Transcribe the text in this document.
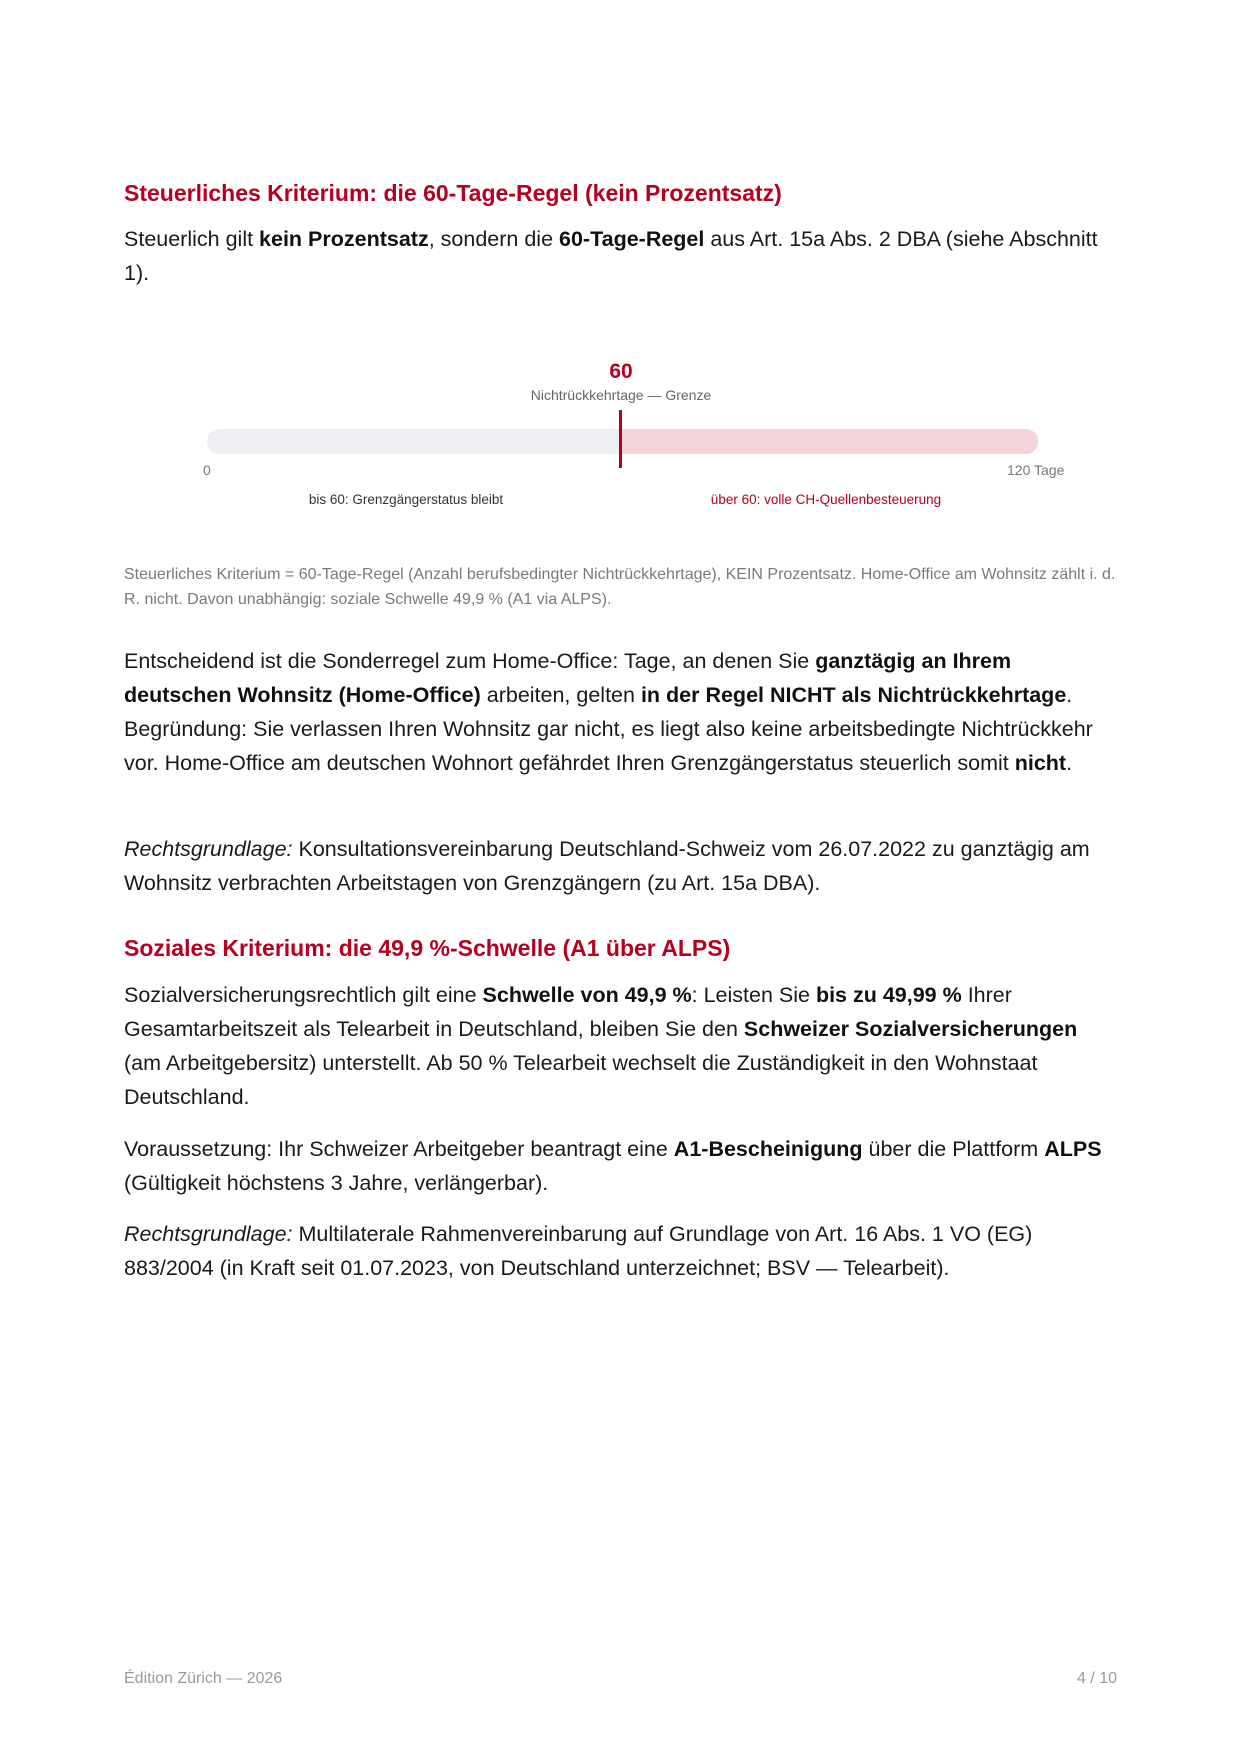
Steuerliches Kriterium: die 60-Tage-Regel (kein Prozentsatz)

Steuerlich gilt kein Prozentsatz, sondern die 60-Tage-Regel aus Art. 15a Abs. 2 DBA (siehe Abschnitt 1).

60
Nichtrückkehrtage — Grenze
0	120 Tage
bis 60: Grenzgängerstatus bleibt	über 60: volle CH-Quellenbesteuerung

Steuerliches Kriterium = 60-Tage-Regel (Anzahl berufsbedingter Nichtrückkehrtage), KEIN Prozentsatz. Home-Office am Wohnsitz zählt i. d. R. nicht. Davon unabhängig: soziale Schwelle 49,9 % (A1 via ALPS).

Entscheidend ist die Sonderregel zum Home-Office: Tage, an denen Sie ganztägig an Ihrem deutschen Wohnsitz (Home-Office) arbeiten, gelten in der Regel NICHT als Nichtrückkehrtage. Begründung: Sie verlassen Ihren Wohnsitz gar nicht, es liegt also keine arbeitsbedingte Nichtrückkehr vor. Home-Office am deutschen Wohnort gefährdet Ihren Grenzgängerstatus steuerlich somit nicht.

Rechtsgrundlage: Konsultationsvereinbarung Deutschland-Schweiz vom 26.07.2022 zu ganztägig am Wohnsitz verbrachten Arbeitstagen von Grenzgängern (zu Art. 15a DBA).

Soziales Kriterium: die 49,9 %-Schwelle (A1 über ALPS)

Sozialversicherungsrechtlich gilt eine Schwelle von 49,9 %: Leisten Sie bis zu 49,99 % Ihrer Gesamtarbeitszeit als Telearbeit in Deutschland, bleiben Sie den Schweizer Sozialversicherungen (am Arbeitgebersitz) unterstellt. Ab 50 % Telearbeit wechselt die Zuständigkeit in den Wohnstaat Deutschland.

Voraussetzung: Ihr Schweizer Arbeitgeber beantragt eine A1-Bescheinigung über die Plattform ALPS (Gültigkeit höchstens 3 Jahre, verlängerbar).

Rechtsgrundlage: Multilaterale Rahmenvereinbarung auf Grundlage von Art. 16 Abs. 1 VO (EG) 883/2004 (in Kraft seit 01.07.2023, von Deutschland unterzeichnet; BSV — Telearbeit).

Édition Zürich — 2026	4 / 10
